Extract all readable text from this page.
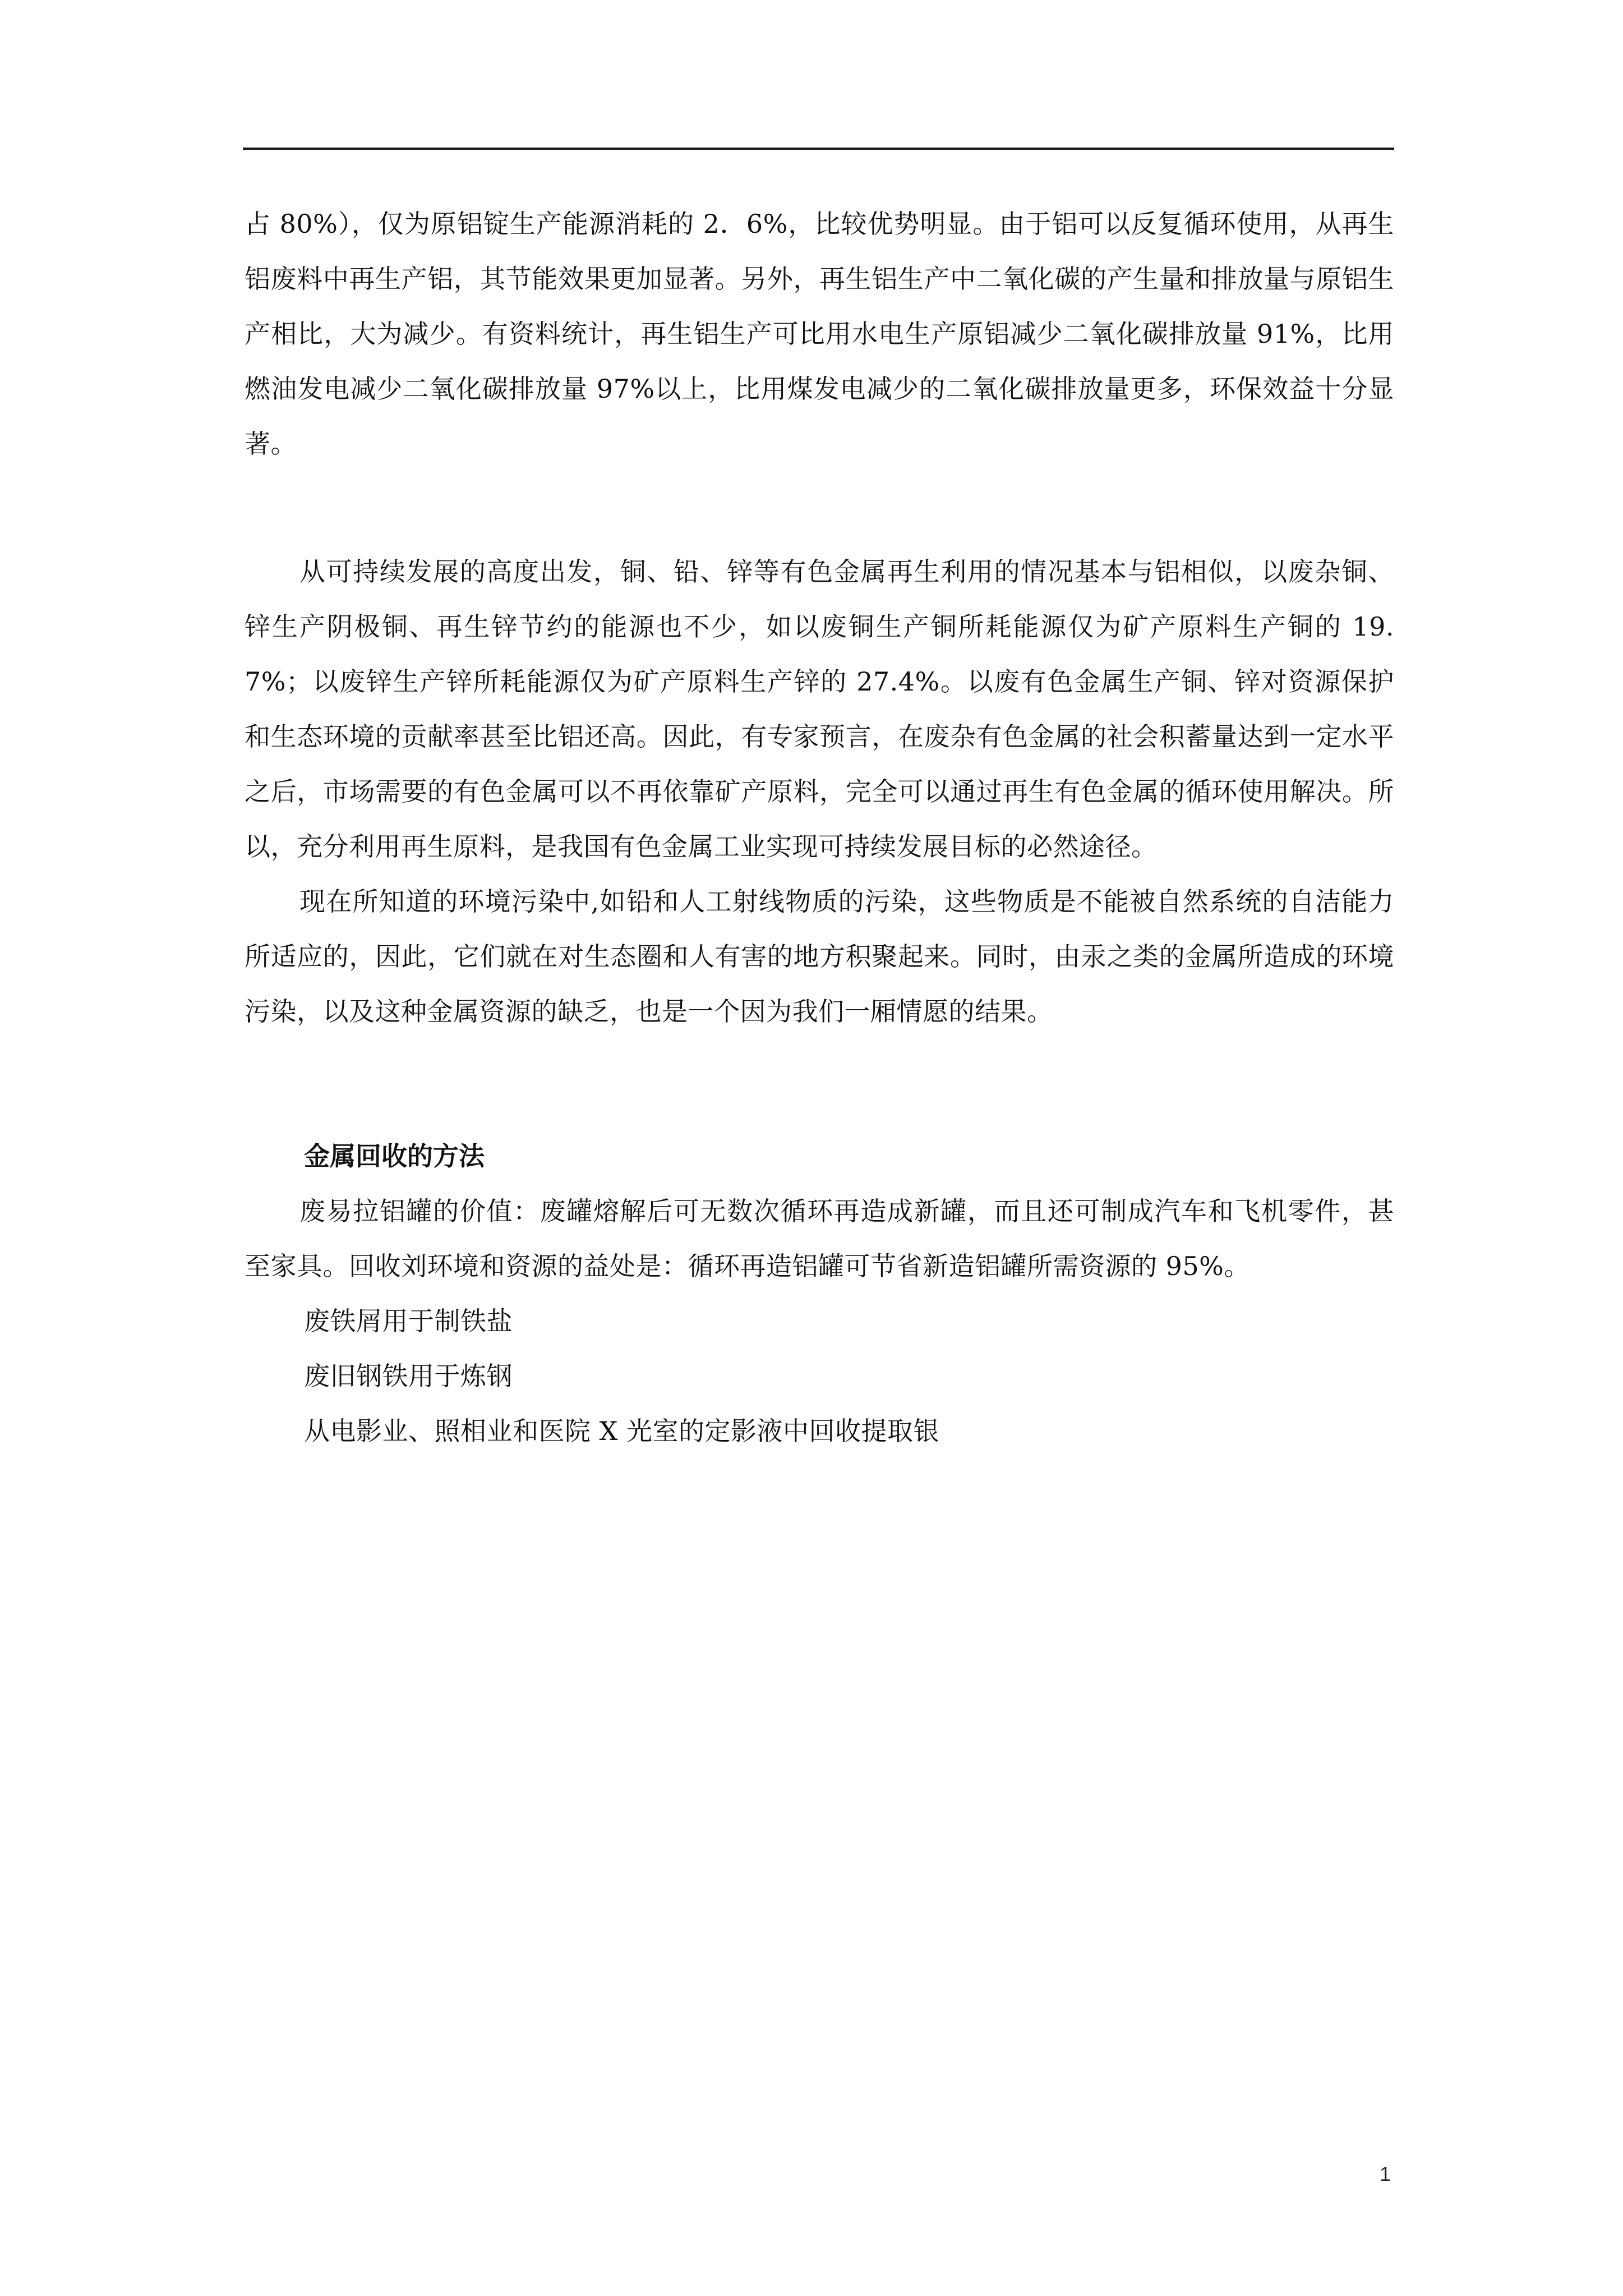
占 80%），仅为原铝锭生产能源消耗的 2．6%，比较优势明显。由于铝可以反复循环使用，从再生铝废料中再生产铝，其节能效果更加显著。另外，再生铝生产中二氧化碳的产生量和排放量与原铝生产相比，大为减少。有资料统计，再生铝生产可比用水电生产原铝减少二氧化碳排放量 91%，比用燃油发电减少二氧化碳排放量 97%以上，比用煤发电减少的二氧化碳排放量更多，环保效益十分显著。

从可持续发展的高度出发，铜、铅、锌等有色金属再生利用的情况基本与铝相似，以废杂铜、锌生产阴极铜、再生锌节约的能源也不少，如以废铜生产铜所耗能源仅为矿产原料生产铜的 19.7%；以废锌生产锌所耗能源仅为矿产原料生产锌的 27.4%。以废有色金属生产铜、锌对资源保护和生态环境的贡献率甚至比铝还高。因此，有专家预言，在废杂有色金属的社会积蓄量达到一定水平之后，市场需要的有色金属可以不再依靠矿产原料，完全可以通过再生有色金属的循环使用解决。所以，充分利用再生原料，是我国有色金属工业实现可持续发展目标的必然途径。

现在所知道的环境污染中,如铅和人工射线物质的污染，这些物质是不能被自然系统的自洁能力所适应的，因此，它们就在对生态圈和人有害的地方积聚起来。同时，由汞之类的金属所造成的环境污染，以及这种金属资源的缺乏，也是一个因为我们一厢情愿的结果。

金属回收的方法

废易拉铝罐的价值：废罐熔解后可无数次循环再造成新罐，而且还可制成汽车和飞机零件，甚至家具。回收刘环境和资源的益处是：循环再造铝罐可节省新造铝罐所需资源的 95%。

废铁屑用于制铁盐

废旧钢铁用于炼钢

从电影业、照相业和医院 X 光室的定影液中回收提取银

1
